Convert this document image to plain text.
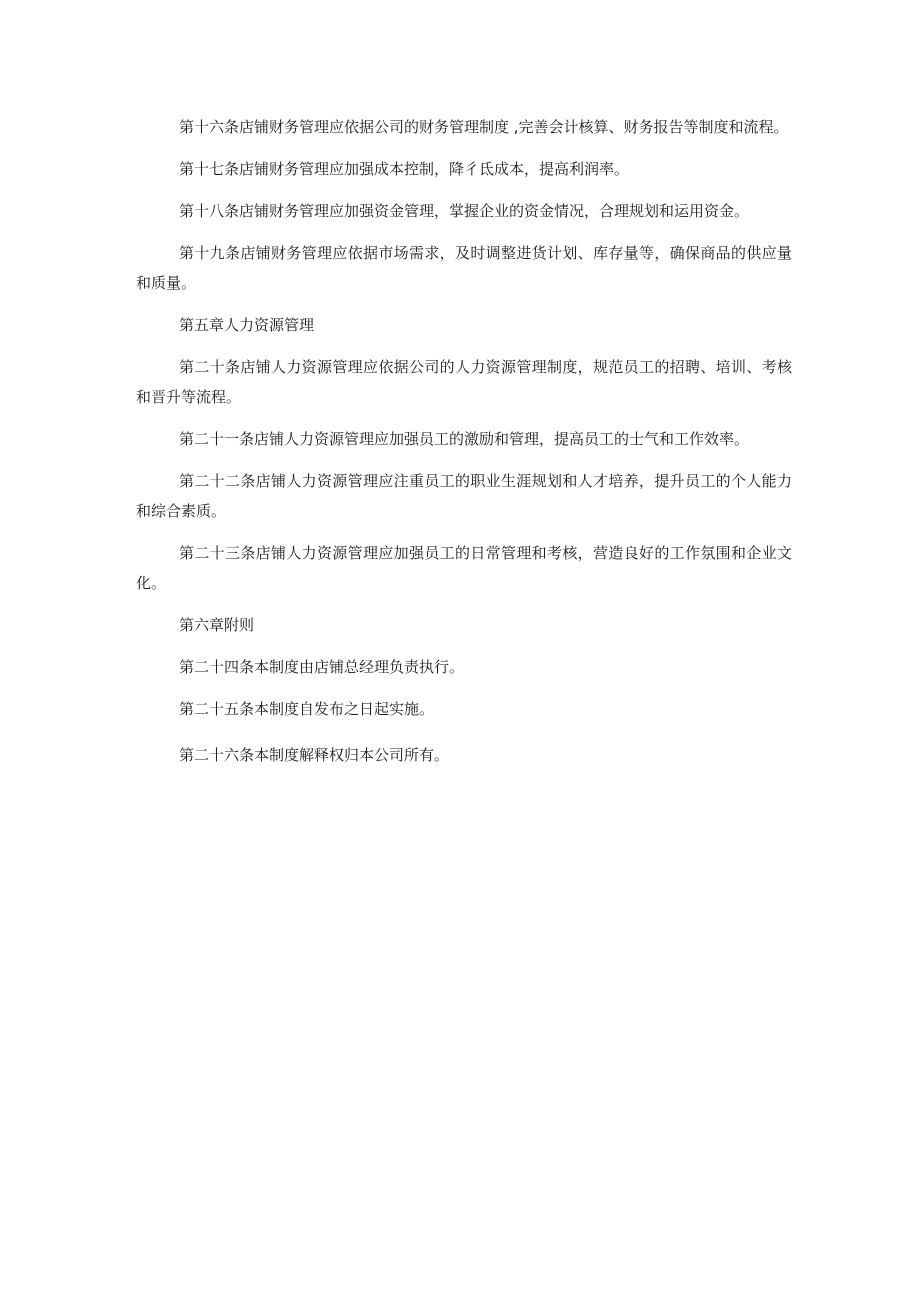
第十六条店铺财务管理应依据公司的财务管理制度 ,完善会计核算、财务报告等制度和流程。

第十七条店铺财务管理应加强成本控制，降彳氐成本，提高利润率。

第十八条店铺财务管理应加强资金管理，掌握企业的资金情况，合理规划和运用资金。

第十九条店铺财务管理应依据市场需求，及时调整进货计划、库存量等，确保商品的供应量和质量。

第五章人力资源管理

第二十条店铺人力资源管理应依据公司的人力资源管理制度，规范员工的招聘、培训、考核和晋升等流程。

第二十一条店铺人力资源管理应加强员工的激励和管理，提高员工的士气和工作效率。

第二十二条店铺人力资源管理应注重员工的职业生涯规划和人才培养，提升员工的个人能力和综合素质。

第二十三条店铺人力资源管理应加强员工的日常管理和考核，营造良好的工作氛围和企业文化。

第六章附则

第二十四条本制度由店铺总经理负责执行。

第二十五条本制度自发布之日起实施。

第二十六条本制度解释权归本公司所有。
